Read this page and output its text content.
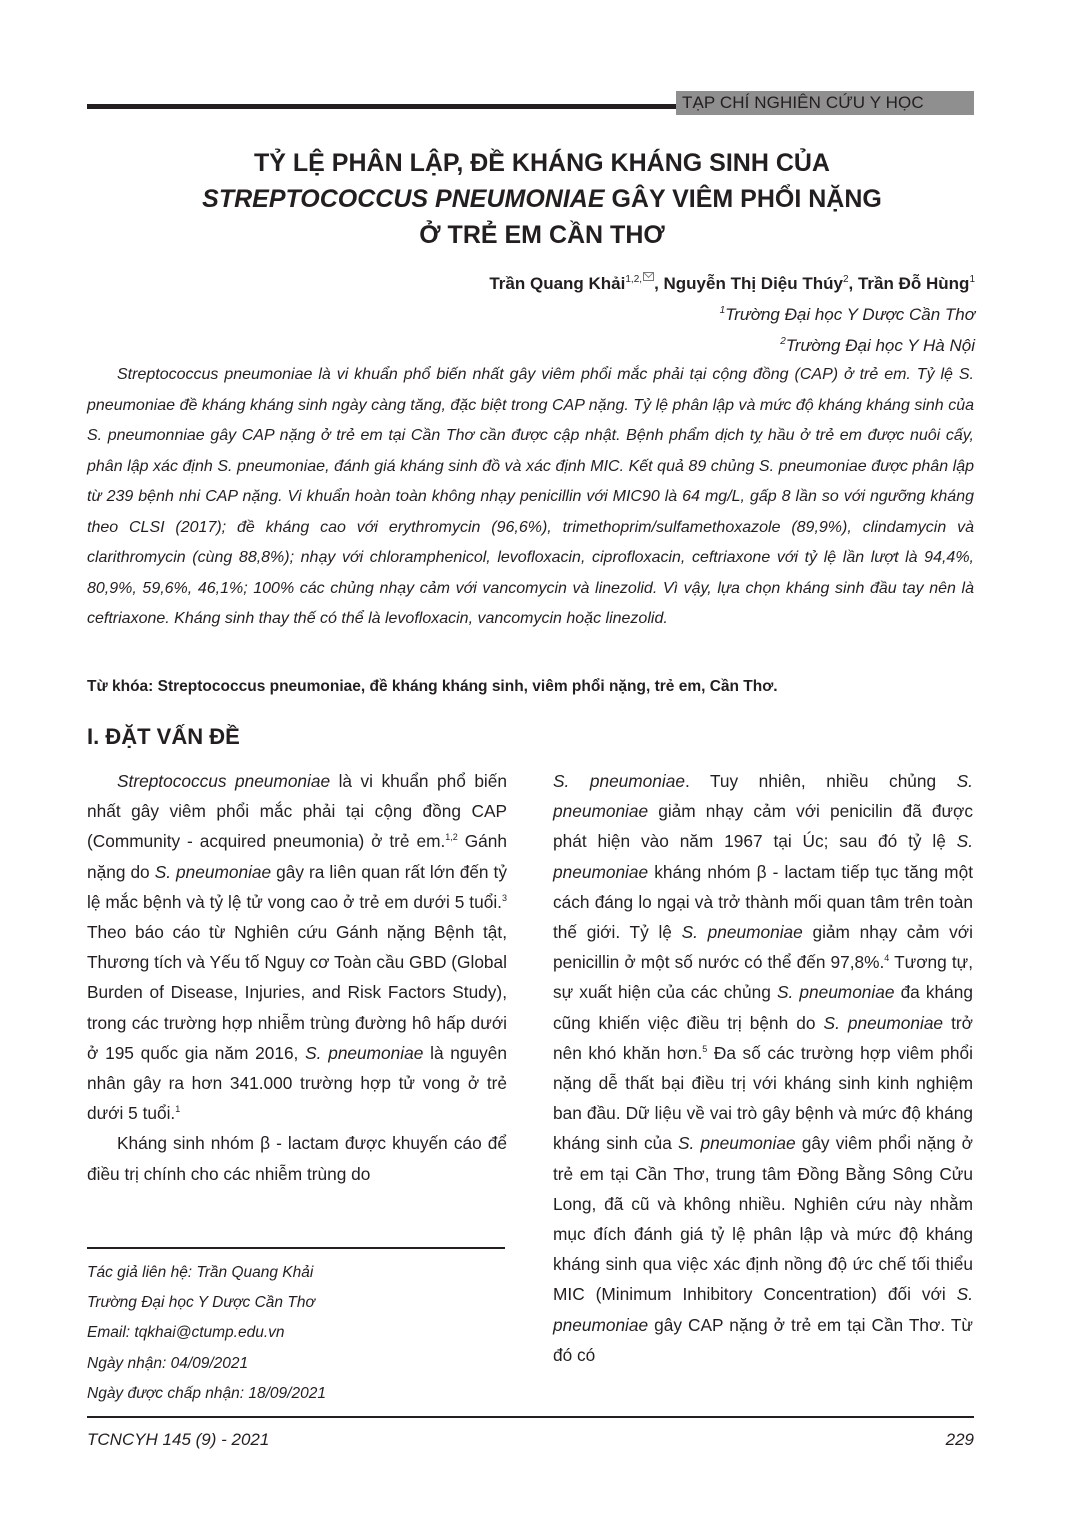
TẠP CHÍ NGHIÊN CỨU Y HỌC
TỶ LỆ PHÂN LẬP, ĐỀ KHÁNG KHÁNG SINH CỦA
STREPTOCOCCUS PNEUMONIAE GÂY VIÊM PHỔI NẶNG
Ở TRẺ EM CẦN THƠ
Trần Quang Khải$^{1,2,}$ , Nguyễn Thị Diệu Thúy$^2$, Trần Đỗ Hùng$^1$
$^1$Trường Đại học Y Dược Cần Thơ
$^2$Trường Đại học Y Hà Nội

Streptococcus pneumoniae là vi khuẩn phổ biến nhất gây viêm phổi mắc phải tại cộng đồng (CAP) ở trẻ em. Tỷ lệ S. pneumoniae đề kháng kháng sinh ngày càng tăng, đặc biệt trong CAP nặng. Tỷ lệ phân lập và mức độ kháng kháng sinh của S. pneumonniae gây CAP nặng ở trẻ em tại Cần Thơ cần được cập nhật. Bệnh phẩm dịch tỵ hầu ở trẻ em được nuôi cấy, phân lập xác định S. pneumoniae, đánh giá kháng sinh đồ và xác định MIC. Kết quả 89 chủng S. pneumoniae được phân lập từ 239 bệnh nhi CAP nặng. Vi khuẩn hoàn toàn không nhạy penicillin với MIC90 là 64 mg/L, gấp 8 lần so với ngưỡng kháng theo CLSI (2017); đề kháng cao với erythromycin (96,6%), trimethoprim/sulfamethoxazole (89,9%), clindamycin và clarithromycin (cùng 88,8%); nhạy với chloramphenicol, levofloxacin, ciprofloxacin, ceftriaxone với tỷ lệ lần lượt là 94,4%, 80,9%, 59,6%, 46,1%; 100% các chủng nhạy cảm với vancomycin và linezolid. Vì vậy, lựa chọn kháng sinh đầu tay nên là ceftriaxone. Kháng sinh thay thế có thể là levofloxacin, vancomycin hoặc linezolid.

Từ khóa: Streptococcus pneumoniae, đề kháng kháng sinh, viêm phổi nặng, trẻ em, Cần Thơ.
I. ĐẶT VẤN ĐỀ

Streptococcus pneumoniae là vi khuẩn phổ biến nhất gây viêm phổi mắc phải tại cộng đồng CAP (Community - acquired pneumonia) ở trẻ em.$^{1,2}$ Gánh nặng do S. pneumoniae gây ra liên quan rất lớn đến tỷ lệ mắc bệnh và tỷ lệ tử vong cao ở trẻ em dưới 5 tuổi.$^3$ Theo báo cáo từ Nghiên cứu Gánh nặng Bệnh tật, Thương tích và Yếu tố Nguy cơ Toàn cầu GBD (Global Burden of Disease, Injuries, and Risk Factors Study), trong các trường hợp nhiễm trùng đường hô hấp dưới ở 195 quốc gia năm 2016, S. pneumoniae là nguyên nhân gây ra hơn 341.000 trường hợp tử vong ở trẻ dưới 5 tuổi.$^1$

Kháng sinh nhóm β - lactam được khuyến cáo để điều trị chính cho các nhiễm trùng do

Tác giả liên hệ: Trần Quang Khải
Trường Đại học Y Dược Cần Thơ
Email: tqkhai@ctump.edu.vn
Ngày nhận: 04/09/2021
Ngày được chấp nhận: 18/09/2021

S. pneumoniae. Tuy nhiên, nhiều chủng S. pneumoniae giảm nhạy cảm với penicilin đã được phát hiện vào năm 1967 tại Úc; sau đó tỷ lệ S. pneumoniae kháng nhóm β - lactam tiếp tục tăng một cách đáng lo ngại và trở thành mối quan tâm trên toàn thế giới. Tỷ lệ S. pneumoniae giảm nhạy cảm với penicillin ở một số nước có thể đến 97,8%.$^4$ Tương tự, sự xuất hiện của các chủng S. pneumoniae đa kháng cũng khiến việc điều trị bệnh do S. pneumoniae trở nên khó khăn hơn.$^5$ Đa số các trường hợp viêm phổi nặng dễ thất bại điều trị với kháng sinh kinh nghiệm ban đầu. Dữ liệu về vai trò gây bệnh và mức độ kháng kháng sinh của S. pneumoniae gây viêm phổi nặng ở trẻ em tại Cần Thơ, trung tâm Đồng Bằng Sông Cửu Long, đã cũ và không nhiều. Nghiên cứu này nhằm mục đích đánh giá tỷ lệ phân lập và mức độ kháng kháng sinh qua việc xác định nồng độ ức chế tối thiểu MIC (Minimum Inhibitory Concentration) đối với S. pneumoniae gây CAP nặng ở trẻ em tại Cần Thơ. Từ đó có

TCNCYH 145 (9) - 2021	229
